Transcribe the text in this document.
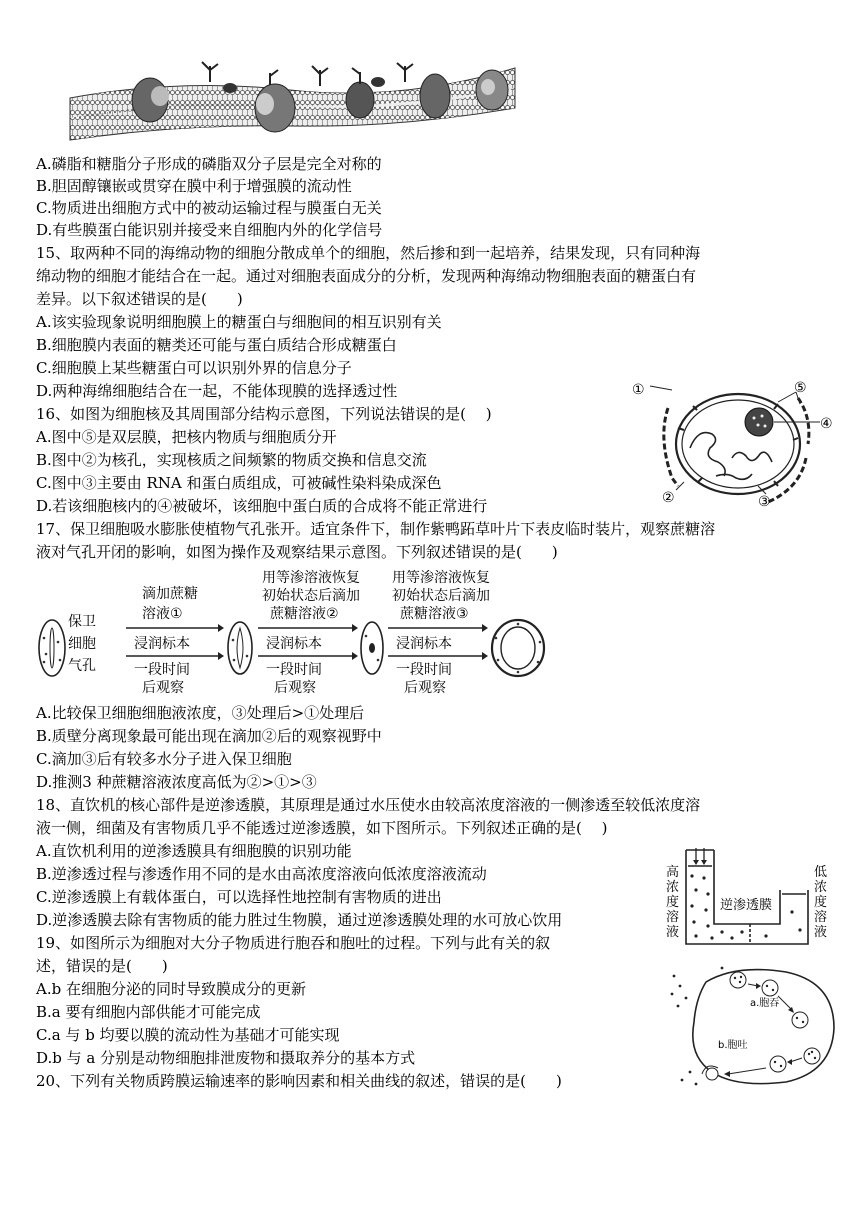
A.磷脂和糖脂分子形成的磷脂双分子层是完全对称的
B.胆固醇镶嵌或贯穿在膜中利于增强膜的流动性
C.物质进出细胞方式中的被动运输过程与膜蛋白无关
D.有些膜蛋白能识别并接受来自细胞内外的化学信号
15、取两种不同的海绵动物的细胞分散成单个的细胞，然后掺和到一起培养，结果发现，只有同种海
绵动物的细胞才能结合在一起。通过对细胞表面成分的分析，发现两种海绵动物细胞表面的糖蛋白有
差异。以下叙述错误的是(　　)
A.该实验现象说明细胞膜上的糖蛋白与细胞间的相互识别有关
B.细胞膜内表面的糖类还可能与蛋白质结合形成糖蛋白
C.细胞膜上某些糖蛋白可以识别外界的信息分子
D.两种海绵细胞结合在一起，不能体现膜的选择透过性
16、如图为细胞核及其周围部分结构示意图，下列说法错误的是(　 )
A.图中⑤是双层膜，把核内物质与细胞质分开
B.图中②为核孔，实现核质之间频繁的物质交换和信息交流
C.图中③主要由 RNA 和蛋白质组成，可被碱性染料染成深色
D.若该细胞核内的④被破坏，该细胞中蛋白质的合成将不能正常进行
①
②	③
④
⑤
17、保卫细胞吸水膨胀使植物气孔张开。适宜条件下，制作紫鸭跖草叶片下表皮临时装片，观察蔗糖溶
液对气孔开闭的影响，如图为操作及观察结果示意图。下列叙述错误的是(　　)
保卫
细胞
气孔
滴加蔗糖
溶液①
浸润标本
一段时间
后观察
用等渗溶液恢复
初始状态后滴加
蔗糖溶液②
浸润标本
一段时间
后观察
用等渗溶液恢复
初始状态后滴加
蔗糖溶液③
浸润标本
一段时间
后观察
A.比较保卫细胞细胞液浓度，③处理后>①处理后
B.质壁分离现象最可能出现在滴加②后的观察视野中
C.滴加③后有较多水分子进入保卫细胞
D.推测3 种蔗糖溶液浓度高低为②>①>③
18、直饮机的核心部件是逆渗透膜，其原理是通过水压使水由较高浓度溶液的一侧渗透至较低浓度溶
液一侧，细菌及有害物质几乎不能透过逆渗透膜，如下图所示。下列叙述正确的是(　 )
A.直饮机利用的逆渗透膜具有细胞膜的识别功能
B.逆渗透过程与渗透作用不同的是水由高浓度溶液向低浓度溶液流动
C.逆渗透膜上有载体蛋白，可以选择性地控制有害物质的进出
D.逆渗透膜去除有害物质的能力胜过生物膜，通过逆渗透膜处理的水可放心饮用
高
浓
度
溶
液
低
浓
度
溶
液
逆渗透膜
19、如图所示为细胞对大分子物质进行胞吞和胞吐的过程。下列与此有关的叙
述，错误的是(　　)
A.b 在细胞分泌的同时导致膜成分的更新
B.a 要有细胞内部供能才可能完成
C.a 与 b 均要以膜的流动性为基础才可能实现
D.b 与 a 分别是动物细胞排泄废物和摄取养分的基本方式
a.胞吞
b.胞吐
20、下列有关物质跨膜运输速率的影响因素和相关曲线的叙述，错误的是(　　)
